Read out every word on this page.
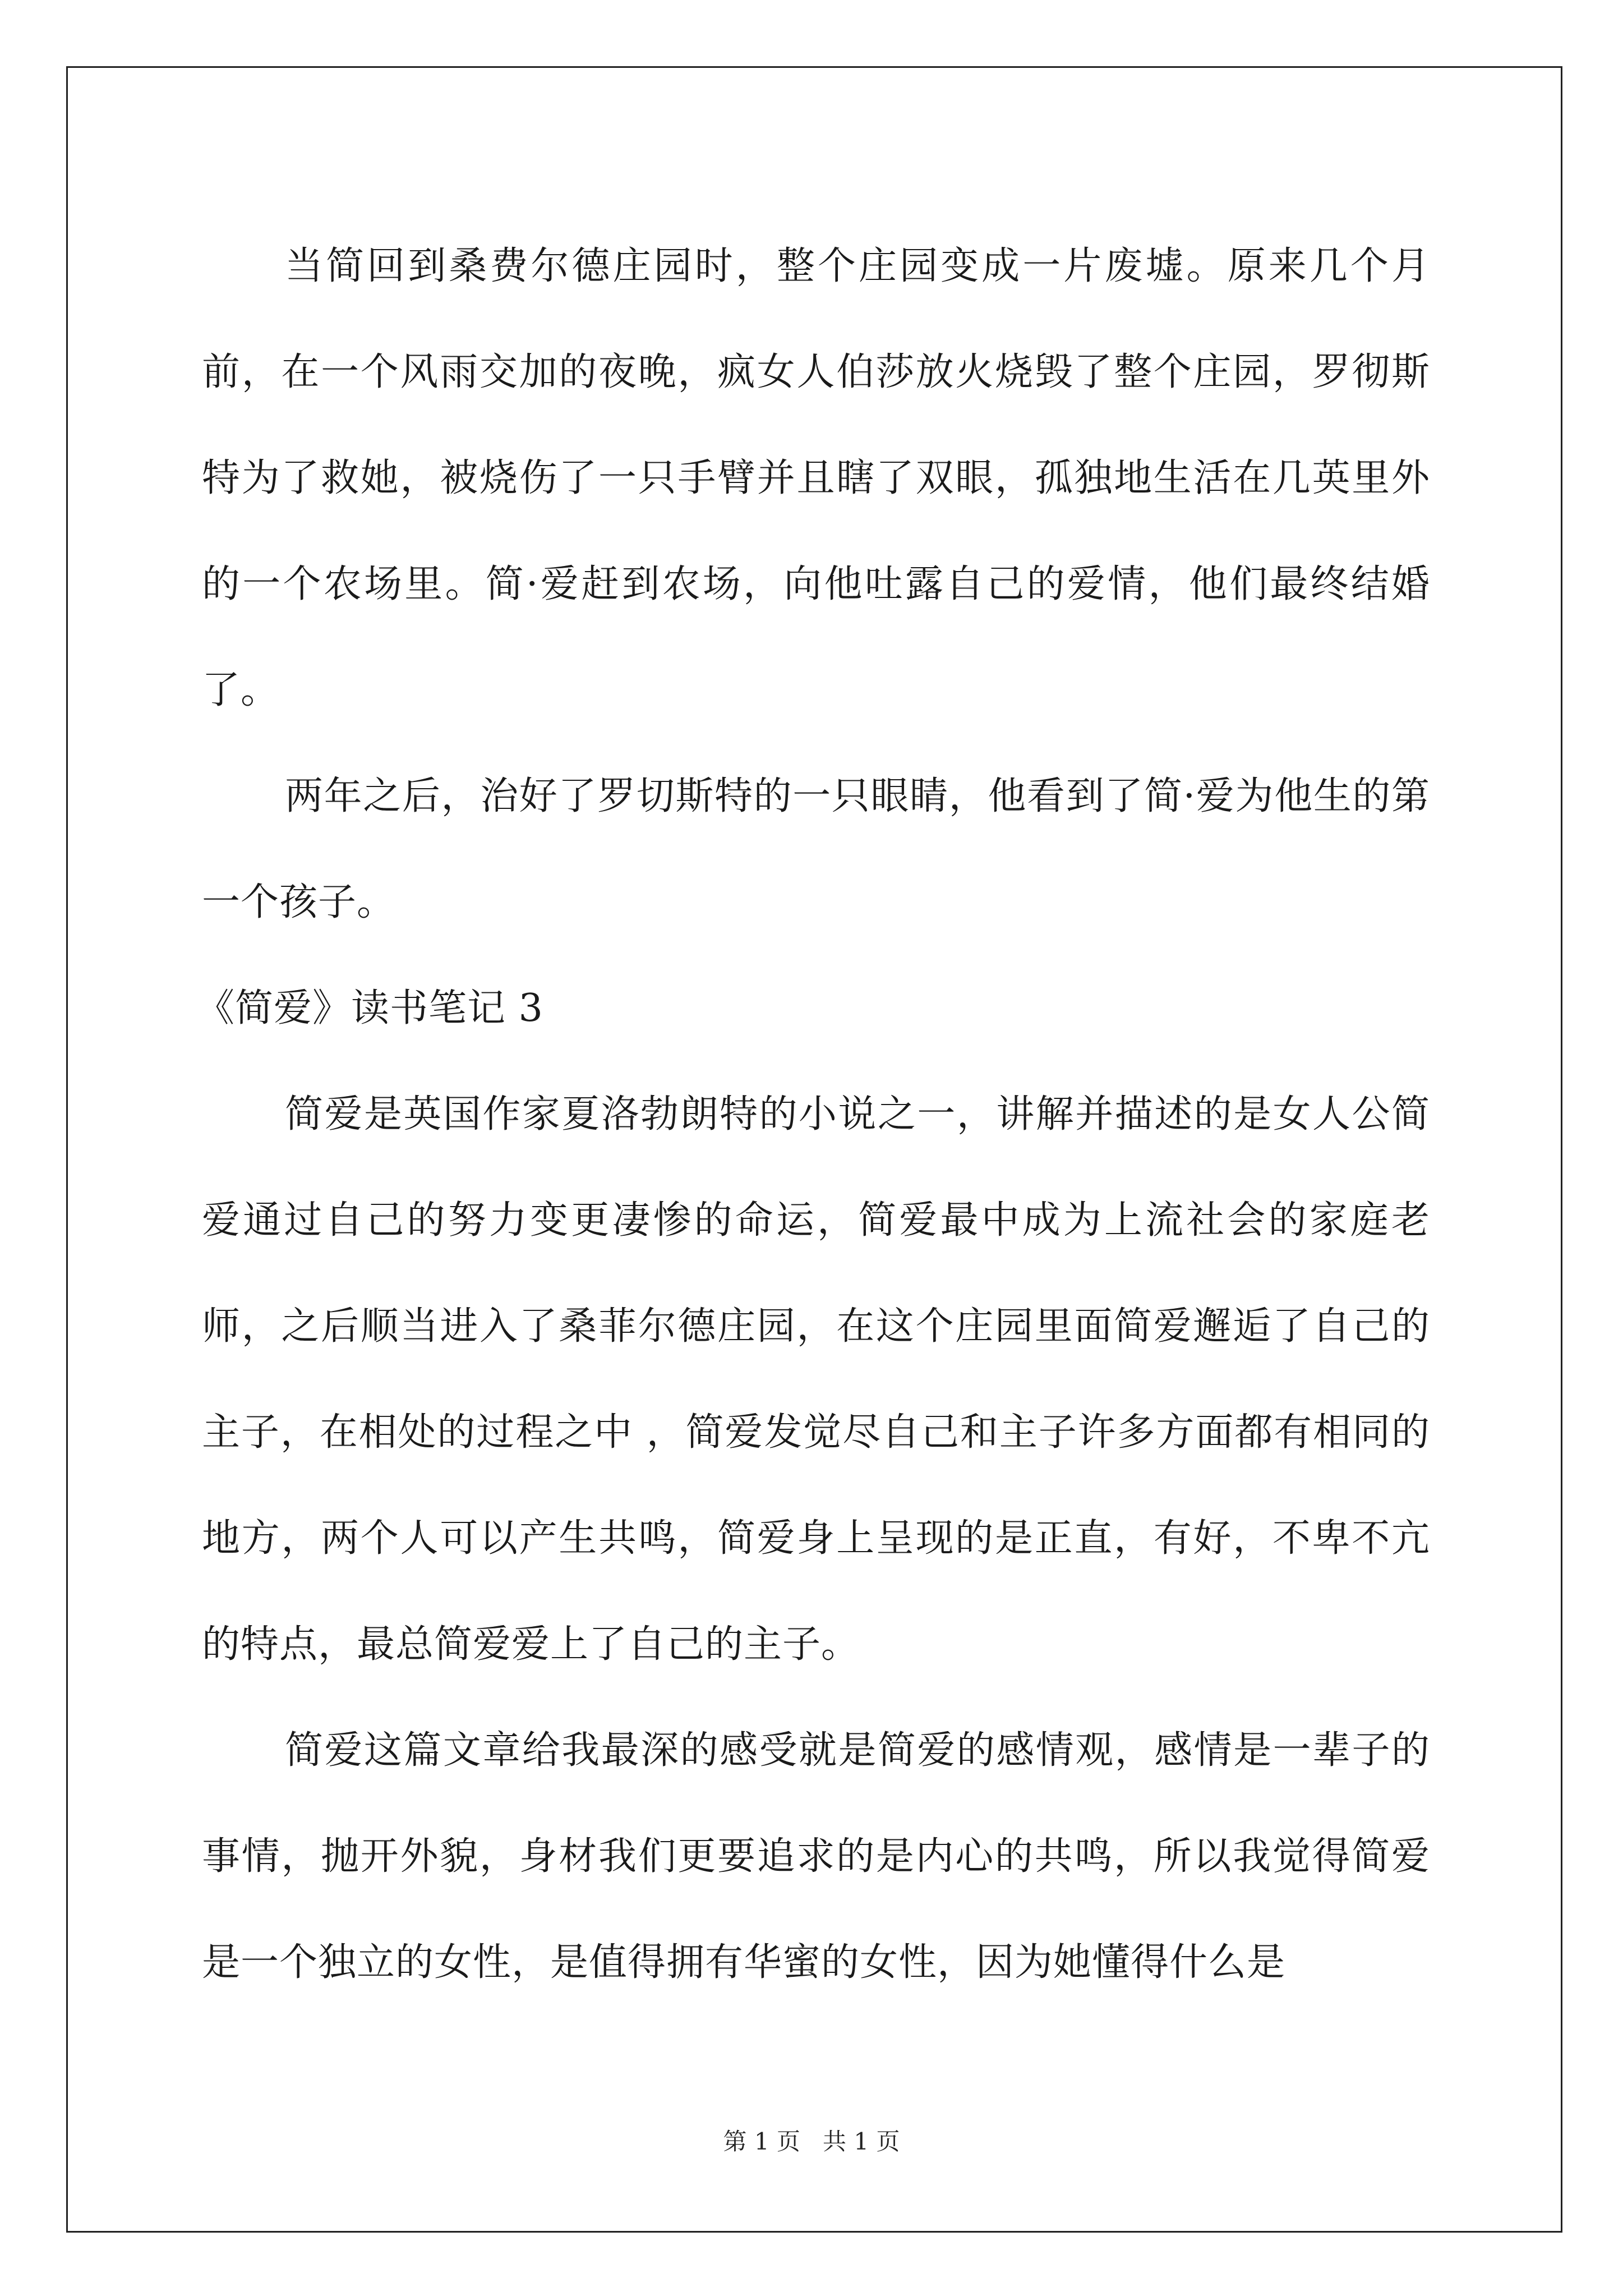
当简回到桑费尔德庄园时，整个庄园变成一片废墟。原来几个月前，在一个风雨交加的夜晚，疯女人伯莎放火烧毁了整个庄园，罗彻斯特为了救她，被烧伤了一只手臂并且瞎了双眼，孤独地生活在几英里外的一个农场里。简·爱赶到农场，向他吐露自己的爱情，他们最终结婚了。

两年之后，治好了罗切斯特的一只眼睛，他看到了简·爱为他生的第一个孩子。

《简爱》读书笔记 3

简爱是英国作家夏洛勃朗特的小说之一，讲解并描述的是女人公简爱通过自己的努力变更凄惨的命运，简爱最中成为上流社会的家庭老师，之后顺当进入了桑菲尔德庄园，在这个庄园里面简爱邂逅了自己的主子，在相处的过程之中 ，简爱发觉尽自己和主子许多方面都有相同的地方，两个人可以产生共鸣，简爱身上呈现的是正直，有好，不卑不亢的特点，最总简爱爱上了自己的主子。

简爱这篇文章给我最深的感受就是简爱的感情观，感情是一辈子的事情，抛开外貌，身材我们更要追求的是内心的共鸣，所以我觉得简爱是一个独立的女性，是值得拥有华蜜的女性，因为她懂得什么是

第 1 页 共 1 页
